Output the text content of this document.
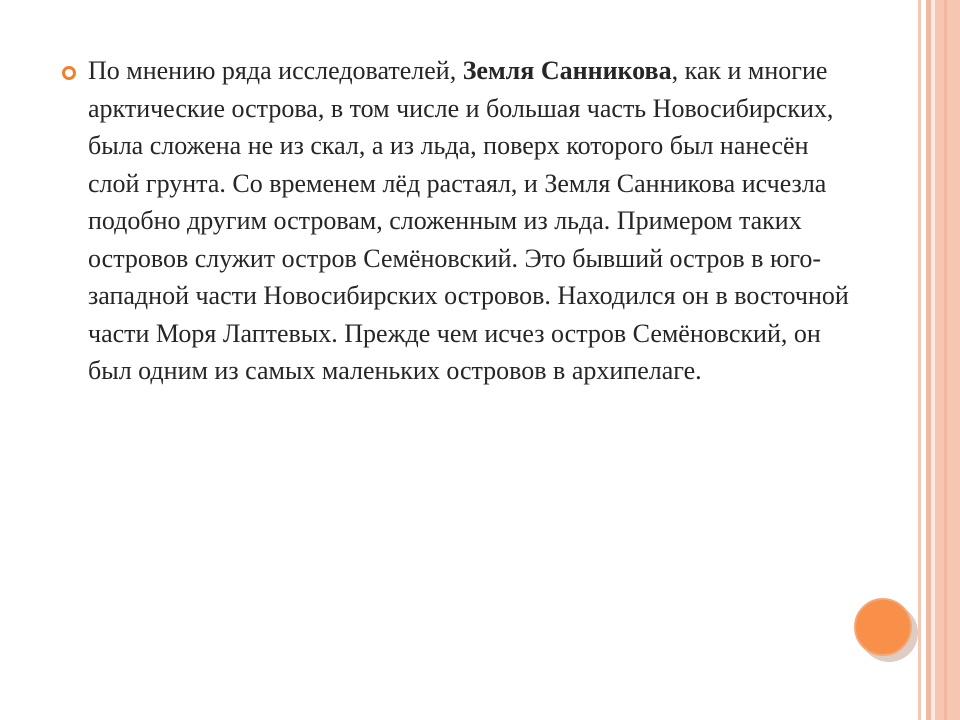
По мнению ряда исследователей, Земля Санникова, как и многие арктические острова, в том числе и большая часть Новосибирских, была сложена не из скал, а из льда, поверх которого был нанесён слой грунта. Со временем лёд растаял, и Земля Санникова исчезла подобно другим островам, сложенным из льда. Примером таких островов служит остров Семёновский. Это бывший остров в юго-западной части Новосибирских островов. Находился он в восточной части Моря Лаптевых. Прежде чем исчез остров Семёновский, он был одним из самых маленьких островов в архипелаге.
